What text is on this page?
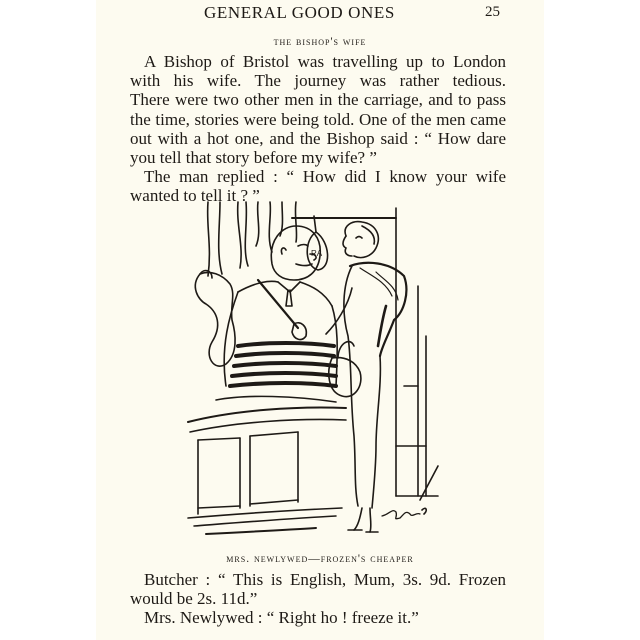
GENERAL GOOD ONES	25
the bishop's wife
A Bishop of Bristol was travelling up to London
with his wife. The journey was rather tedious.
There were two other men in the carriage, and to pass
the time, stories were being told. One of the men came
out with a hot one, and the Bishop said : “ How dare
you tell that story before my wife? ”
The man replied : “ How did I know your wife
wanted to tell it ? ”
RA
mrs. newlywed—frozen's cheaper
Butcher : “ This is English, Mum, 3s. 9d. Frozen
would be 2s. 11d.”
Mrs. Newlywed : “ Right ho ! freeze it.”
